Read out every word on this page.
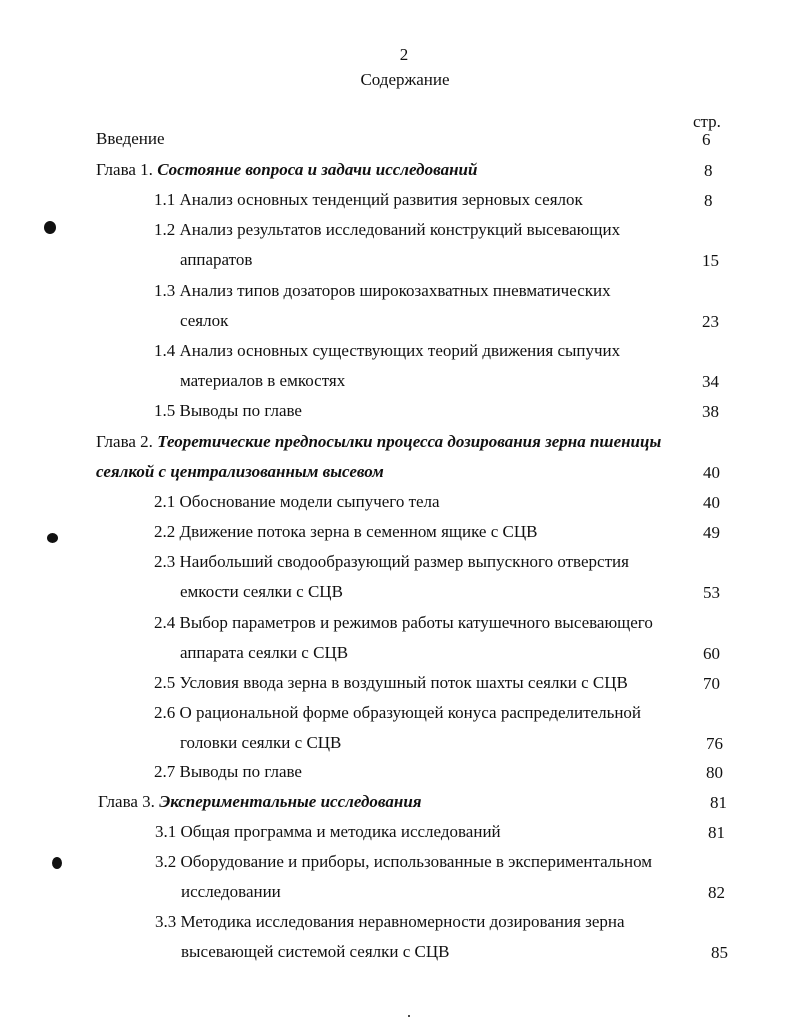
2
Содержание
стр.
Введение	6
Глава 1. Состояние вопроса и задачи исследований	8
1.1 Анализ основных тенденций развития зерновых сеялок	8
1.2 Анализ результатов исследований конструкций высевающих
аппаратов	15
1.3 Анализ типов дозаторов широкозахватных пневматических
сеялок	23
1.4 Анализ основных существующих теорий движения сыпучих
материалов в емкостях	34
1.5 Выводы по главе	38
Глава 2. Теоретические предпосылки процесса дозирования зерна пшеницы
сеялкой с централизованным высевом	40
2.1 Обоснование модели сыпучего тела	40
2.2 Движение потока зерна в семенном ящике с СЦВ	49
2.3 Наибольший сводообразующий размер выпускного отверстия
емкости сеялки с СЦВ	53
2.4 Выбор параметров и режимов работы катушечного высевающего
аппарата сеялки с СЦВ	60
2.5 Условия ввода зерна в воздушный поток шахты сеялки с СЦВ	70
2.6 О рациональной форме образующей конуса распределительной
головки сеялки с СЦВ	76
2.7 Выводы по главе	80
Глава 3. Экспериментальные исследования	81
3.1 Общая программа и методика исследований	81
3.2 Оборудование и приборы, использованные в экспериментальном
исследовании	82
3.3 Методика исследования неравномерности дозирования зерна
высевающей системой сеялки с СЦВ	85
